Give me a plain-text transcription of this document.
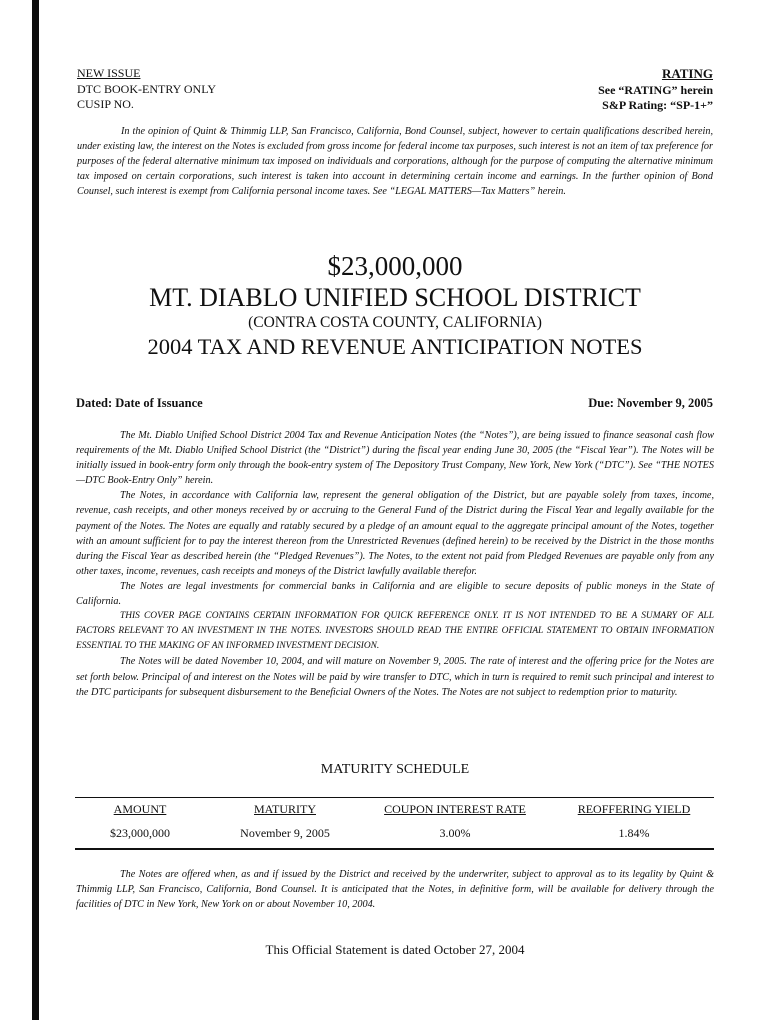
NEW ISSUE
DTC BOOK-ENTRY ONLY
CUSIP NO.
RATING
See “RATING” herein
S&P Rating: “SP-1+”

In the opinion of Quint & Thimmig LLP, San Francisco, California, Bond Counsel, subject, however to certain qualifications described herein, under existing law, the interest on the Notes is excluded from gross income for federal income tax purposes, such interest is not an item of tax preference for purposes of the federal alternative minimum tax imposed on individuals and corporations, although for the purpose of computing the alternative minimum tax imposed on certain corporations, such interest is taken into account in determining certain income and earnings. In the further opinion of Bond Counsel, such interest is exempt from California personal income taxes. See “LEGAL MATTERS—Tax Matters” herein.

$23,000,000
MT. DIABLO UNIFIED SCHOOL DISTRICT
(CONTRA COSTA COUNTY, CALIFORNIA)
2004 TAX AND REVENUE ANTICIPATION NOTES
Dated: Date of Issuance	Due: November 9, 2005

The Mt. Diablo Unified School District 2004 Tax and Revenue Anticipation Notes (the “Notes”), are being issued to finance seasonal cash flow requirements of the Mt. Diablo Unified School District (the “District”) during the fiscal year ending June 30, 2005 (the “Fiscal Year”). The Notes will be initially issued in book-entry form only through the book-entry system of The Depository Trust Company, New York, New York (“DTC”). See “THE NOTES—DTC Book-Entry Only” herein.

The Notes, in accordance with California law, represent the general obligation of the District, but are payable solely from taxes, income, revenue, cash receipts, and other moneys received by or accruing to the General Fund of the District during the Fiscal Year and legally available for the payment of the Notes. The Notes are equally and ratably secured by a pledge of an amount equal to the aggregate principal amount of the Notes, together with an amount sufficient for to pay the interest thereon from the Unrestricted Revenues (defined herein) to be received by the District in the those months during the Fiscal Year as described herein (the “Pledged Revenues”). The Notes, to the extent not paid from Pledged Revenues are payable only from any other taxes, income, revenues, cash receipts and moneys of the District lawfully available therefor.

The Notes are legal investments for commercial banks in California and are eligible to secure deposits of public moneys in the State of California.

THIS COVER PAGE CONTAINS CERTAIN INFORMATION FOR QUICK REFERENCE ONLY. IT IS NOT INTENDED TO BE A SUMARY OF ALL FACTORS RELEVANT TO AN INVESTMENT IN THE NOTES. INVESTORS SHOULD READ THE ENTIRE OFFICIAL STATEMENT TO OBTAIN INFORMATION ESSENTIAL TO THE MAKING OF AN INFORMED INVESTMENT DECISION.

The Notes will be dated November 10, 2004, and will mature on November 9, 2005. The rate of interest and the offering price for the Notes are set forth below. Principal of and interest on the Notes will be paid by wire transfer to DTC, which in turn is required to remit such principal and interest to the DTC participants for subsequent disbursement to the Beneficial Owners of the Notes. The Notes are not subject to redemption prior to maturity.

MATURITY SCHEDULE
AMOUNT	MATURITY	COUPON INTEREST RATE	REOFFERING YIELD
$23,000,000	November 9, 2005	3.00%	1.84%

The Notes are offered when, as and if issued by the District and received by the underwriter, subject to approval as to its legality by Quint & Thimmig LLP, San Francisco, California, Bond Counsel. It is anticipated that the Notes, in definitive form, will be available for delivery through the facilities of DTC in New York, New York on or about November 10, 2004.

This Official Statement is dated October 27, 2004
